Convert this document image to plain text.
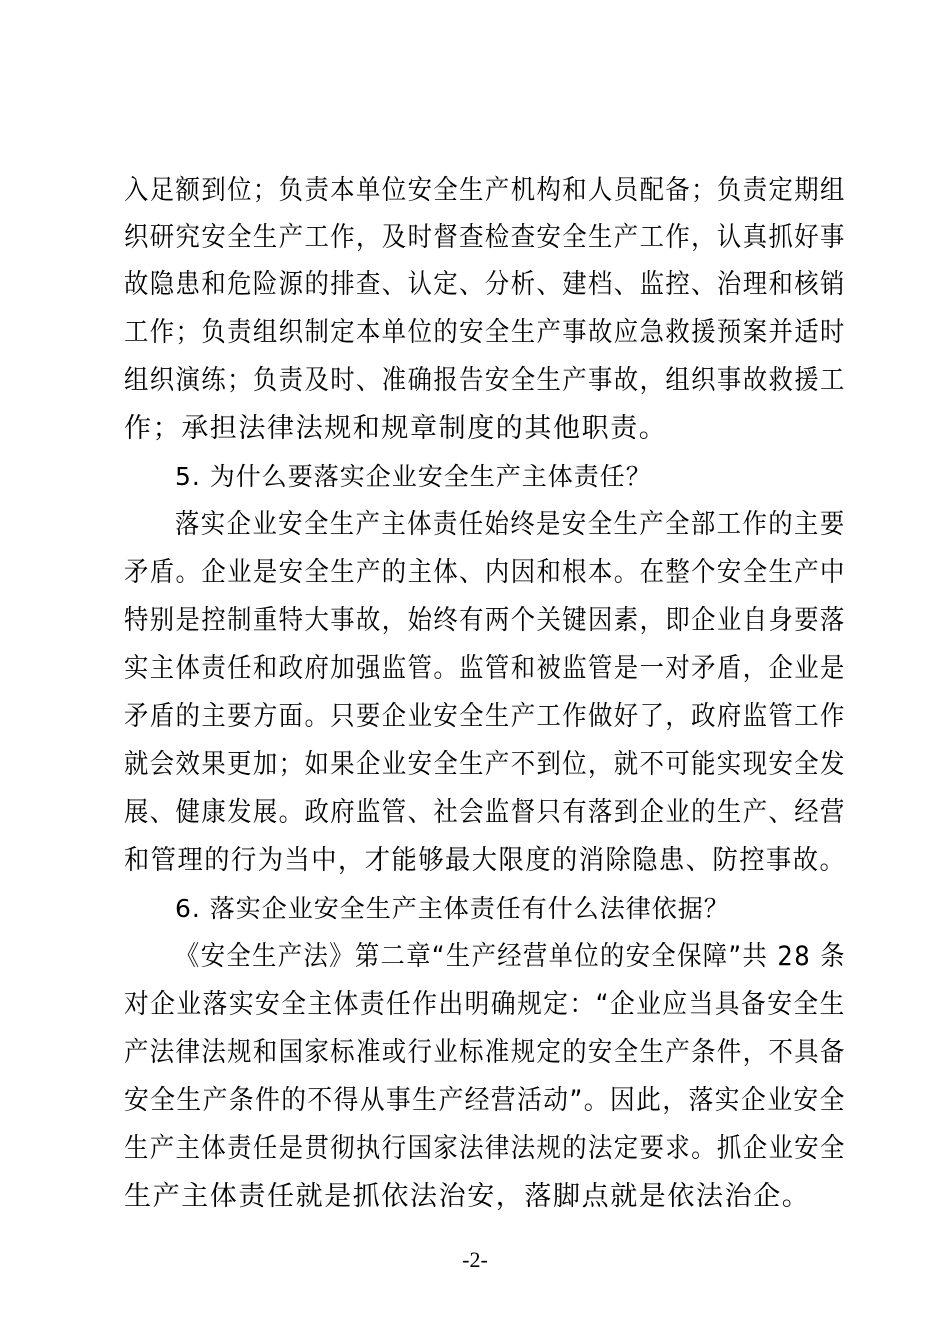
入足额到位；负责本单位安全生产机构和人员配备；负责定期组
织研究安全生产工作，及时督查检查安全生产工作，认真抓好事
故隐患和危险源的排查、认定、分析、建档、监控、治理和核销
工作；负责组织制定本单位的安全生产事故应急救援预案并适时
组织演练；负责及时、准确报告安全生产事故，组织事故救援工
作；承担法律法规和规章制度的其他职责。
5. 为什么要落实企业安全生产主体责任？
落实企业安全生产主体责任始终是安全生产全部工作的主要
矛盾。企业是安全生产的主体、内因和根本。在整个安全生产中
特别是控制重特大事故，始终有两个关键因素，即企业自身要落
实主体责任和政府加强监管。监管和被监管是一对矛盾，企业是
矛盾的主要方面。只要企业安全生产工作做好了，政府监管工作
就会效果更加；如果企业安全生产不到位，就不可能实现安全发
展、健康发展。政府监管、社会监督只有落到企业的生产、经营
和管理的行为当中，才能够最大限度的消除隐患、防控事故。
6. 落实企业安全生产主体责任有什么法律依据？
《安全生产法》第二章“生产经营单位的安全保障”共 28 条
对企业落实安全主体责任作出明确规定：“企业应当具备安全生
产法律法规和国家标准或行业标准规定的安全生产条件，不具备
安全生产条件的不得从事生产经营活动”。因此，落实企业安全
生产主体责任是贯彻执行国家法律法规的法定要求。抓企业安全
生产主体责任就是抓依法治安，落脚点就是依法治企。
-2-
